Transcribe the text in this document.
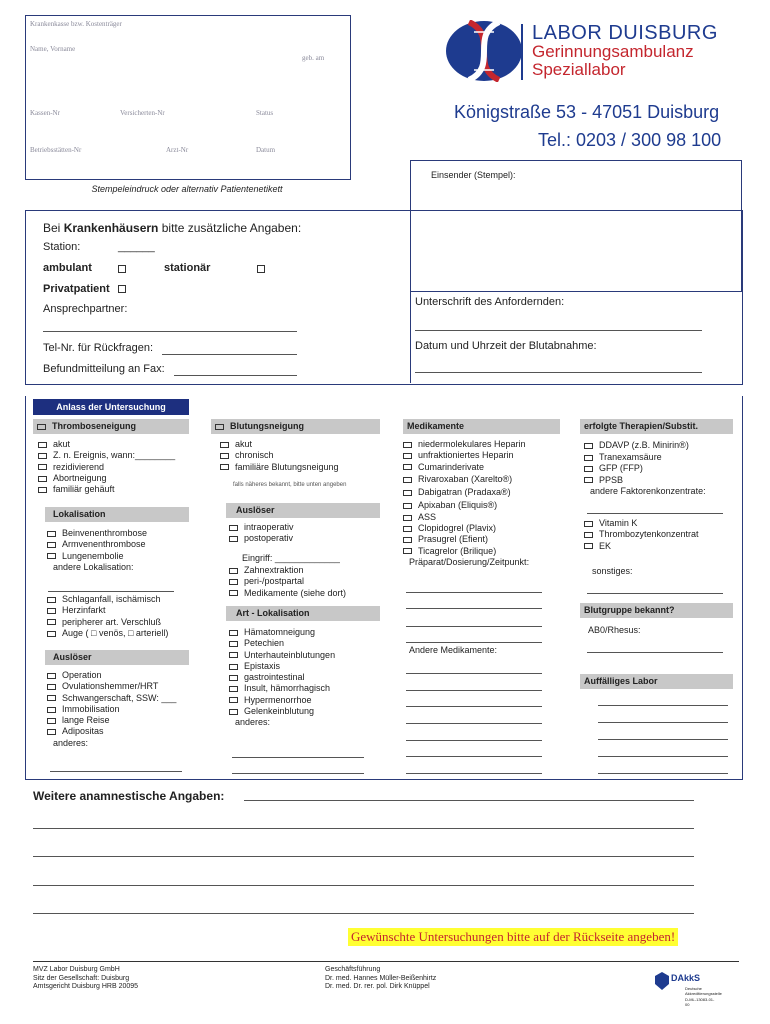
Krankenkasse bzw. Kostenträger
Name, Vorname
geb. am
Kassen-Nr	Versicherten-Nr	Status
Betriebsstätten-Nr	Arzt-Nr	Datum
Stempeleindruck oder alternativ Patientenetikett
LABOR DUISBURG
Gerinnungsambulanz
Speziallabor
Königstraße 53 - 47051 Duisburg
Tel.: 0203 / 300 98 100
Einsender (Stempel):
Bei Krankenhäusern bitte zusätzliche Angaben:
Station:	______
ambulant	stationär
Privatpatient
Ansprechpartner:
Tel-Nr. für Rückfragen:
Befundmitteilung an Fax:
Unterschrift des Anfordernden:
Datum und Uhrzeit der Blutabnahme:
Anlass der Untersuchung
Thromboseneigung
akut
Z. n. Ereignis, wann:________
rezidivierend
Abortneigung
familiär gehäuft
Lokalisation
Beinvenenthrombose
Armvenenthrombose
Lungenembolie
andere Lokalisation:
Schlaganfall, ischämisch
Herzinfarkt
peripherer art. Verschluß
Auge ( □ venös, □ arteriell)
Auslöser
Operation
Ovulationshemmer/HRT
Schwangerschaft, SSW: ___
Immobilisation
lange Reise
Adipositas
anderes:
Blutungsneigung
akut
chronisch
familiäre Blutungsneigung
falls näheres bekannt, bitte unten angeben
Auslöser
intraoperativ
postoperativ
Eingriff: _____________
Zahnextraktion
peri-/postpartal
Medikamente (siehe dort)
Art - Lokalisation
Hämatomneigung
Petechien
Unterhauteinblutungen
Epistaxis
gastrointestinal
Insult, hämorrhagisch
Hypermenorrhoe
Gelenkeinblutung
anderes:
Medikamente
niedermolekulares Heparin
unfraktioniertes Heparin
Cumarinderivate
Rivaroxaban (Xarelto®)
Dabigatran (Pradaxa®)
Apixaban (Eliquis®)
ASS
Clopidogrel (Plavix)
Prasugrel (Efient)
Ticagrelor (Brilique)
Präparat/Dosierung/Zeitpunkt:
Andere Medikamente:
erfolgte Therapien/Substit.
DDAVP (z.B. Minirin®)
Tranexamsäure
GFP (FFP)
PPSB
andere Faktorenkonzentrate:
Vitamin K
Thrombozytenkonzentrat
EK
sonstiges:
Blutgruppe bekannt?
AB0/Rhesus:
Auffälliges Labor
Weitere anamnestische Angaben:
Gewünschte Untersuchungen bitte auf der Rückseite angeben!
MVZ Labor Duisburg GmbH
Sitz der Gesellschaft: Duisburg
Amtsgericht Duisburg HRB 20095
Geschäftsführung
Dr. med. Hannes Müller-Beißenhirtz
Dr. med. Dr. rer. pol. Dirk Knüppel
DAkkS
Deutsche
Akkreditierungsstelle
D-ML-13083-01-00
